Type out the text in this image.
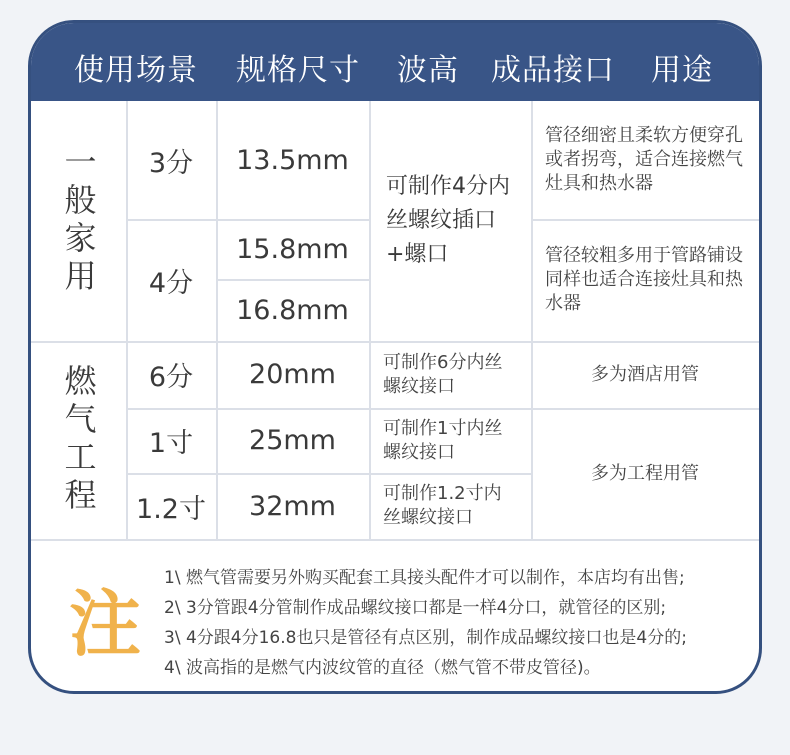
使用场景 规格尺寸 波高 成品接口 用途
一般家用
燃气工程
3分
4分
6分
1寸
1.2寸
13.5mm
15.8mm
16.8mm
20mm
25mm
32mm
可制作4分内丝螺纹插口+螺口
可制作6分内丝螺纹接口
可制作1寸内丝螺纹接口
可制作1.2寸内丝螺纹接口
管径细密且柔软方便穿孔或者拐弯，适合连接燃气灶具和热水器
管径较粗多用于管路铺设同样也适合连接灶具和热水器
多为酒店用管
多为工程用管
注
1\ 燃气管需要另外购买配套工具接头配件才可以制作，本店均有出售;
2\ 3分管跟4分管制作成品螺纹接口都是一样4分口，就管径的区别;
3\ 4分跟4分16.8也只是管径有点区别，制作成品螺纹接口也是4分的;
4\ 波高指的是燃气内波纹管的直径（燃气管不带皮管径)。
